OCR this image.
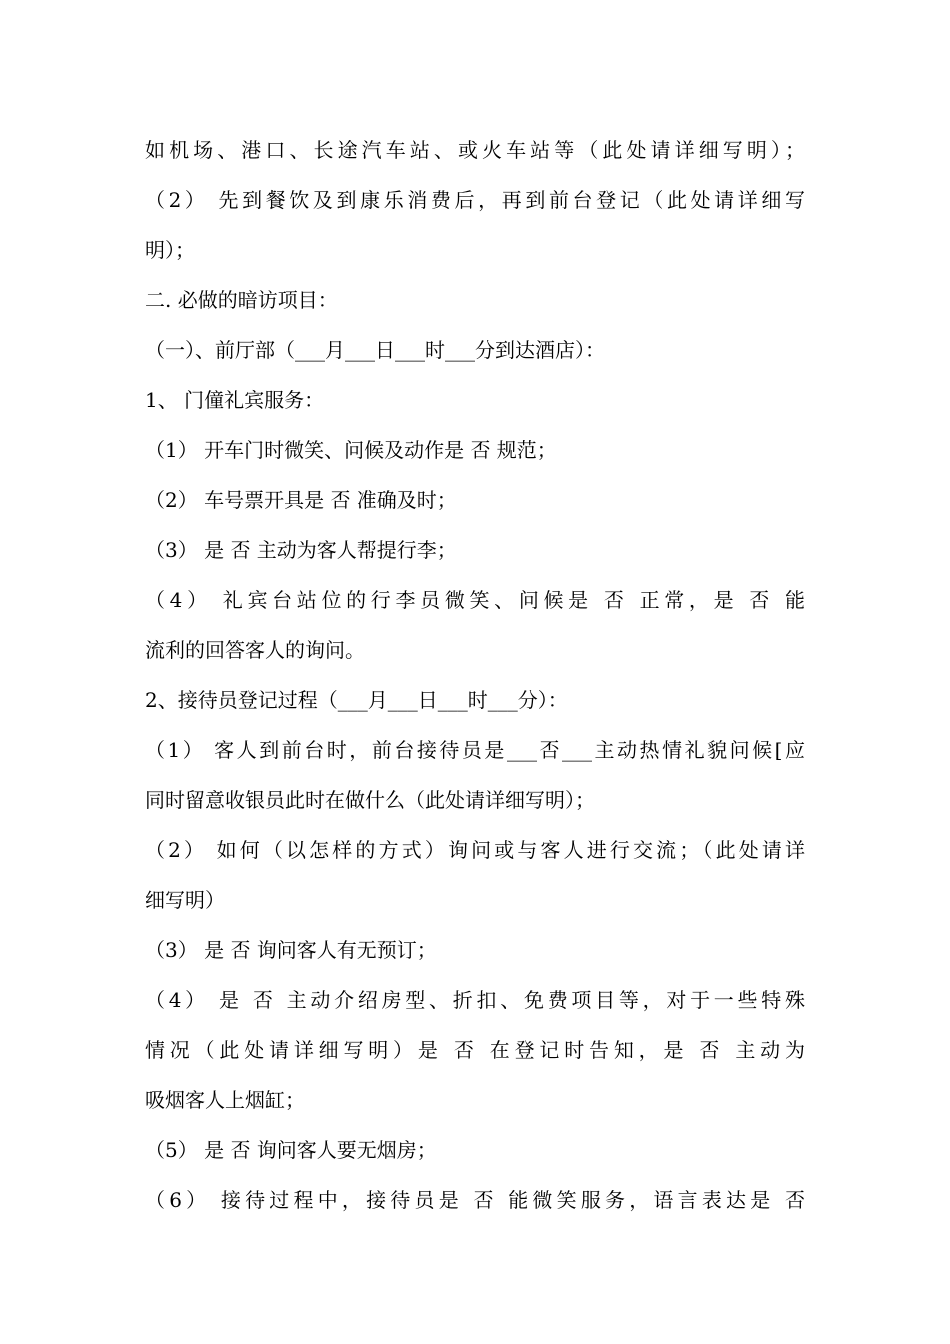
如机场、港口、长途汽车站、或火车站等（此处请详细写明）；
（2） 先到餐饮及到康乐消费后，再到前台登记（此处请详细写
明）；
二. 必做的暗访项目：
（一）、前厅部（___月___日___时___分到达酒店）：
1、 门僮礼宾服务：
（1） 开车门时微笑、问候及动作是 否 规范；
（2） 车号票开具是 否 准确及时；
（3） 是 否 主动为客人帮提行李；
（4） 礼宾台站位的行李员微笑、问候是 否 正常，是 否 能
流利的回答客人的询问。
2、接待员登记过程（___月___日___时___分）：
（1） 客人到前台时，前台接待员是___否___主动热情礼貌问候[应
同时留意收银员此时在做什么（此处请详细写明）；
（2） 如何（以怎样的方式）询问或与客人进行交流；（此处请详
细写明）
（3） 是 否 询问客人有无预订；
（4） 是 否 主动介绍房型、折扣、免费项目等，对于一些特殊
情况（此处请详细写明）是 否 在登记时告知，是 否 主动为
吸烟客人上烟缸；
（5） 是 否 询问客人要无烟房；
（6） 接待过程中，接待员是 否 能微笑服务，语言表达是 否
